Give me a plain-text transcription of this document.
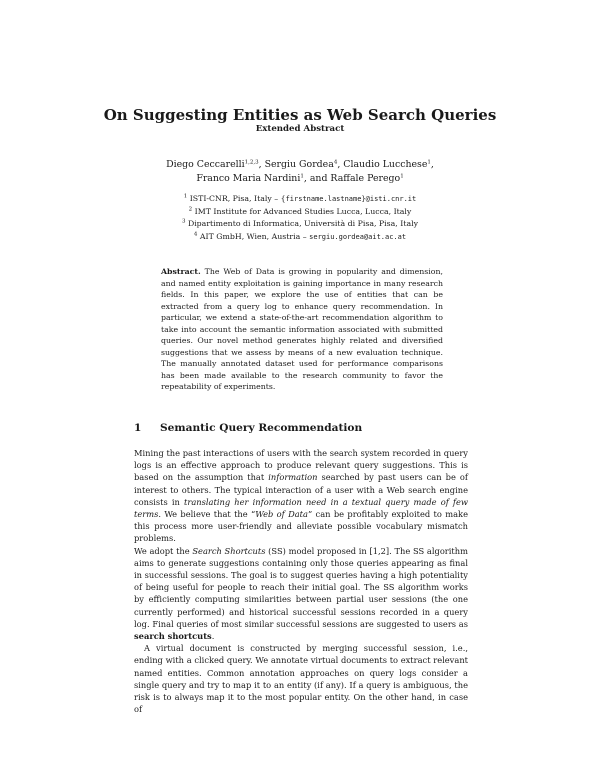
On Suggesting Entities as Web Search Queries
Extended Abstract
Diego Ceccarelli$^{1,2,3}$, Sergiu Gordea$^4$, Claudio Lucchese$^1$,
Franco Maria Nardini$^1$, and Raffale Perego$^1$
$^1$ ISTI-CNR, Pisa, Italy – {firstname.lastname}@isti.cnr.it
$^2$ IMT Institute for Advanced Studies Lucca, Lucca, Italy
$^3$ Dipartimento di Informatica, Università di Pisa, Pisa, Italy
$^4$ AIT GmbH, Wien, Austria – sergiu.gordea@ait.ac.at
Abstract. The Web of Data is growing in popularity and dimension, and named entity exploitation is gaining importance in many research fields. In this paper, we explore the use of entities that can be extracted from a query log to enhance query recommendation. In particular, we extend a state-of-the-art recommendation algorithm to take into account the semantic information associated with submitted queries. Our novel method generates highly related and diversified suggestions that we assess by means of a new evaluation technique. The manually annotated dataset used for performance comparisons has been made available to the research community to favor the repeatability of experiments.
1 Semantic Query Recommendation

Mining the past interactions of users with the search system recorded in query logs is an effective approach to produce relevant query suggestions. This is based on the assumption that information searched by past users can be of interest to others. The typical interaction of a user with a Web search engine consists in translating her information need in a textual query made of few terms. We believe that the “Web of Data” can be profitably exploited to make this process more user-friendly and alleviate possible vocabulary mismatch problems.

We adopt the Search Shortcuts (SS) model proposed in [1,2]. The SS algorithm aims to generate suggestions containing only those queries appearing as final in successful sessions. The goal is to suggest queries having a high potentiality of being useful for people to reach their initial goal. The SS algorithm works by efficiently computing similarities between partial user sessions (the one currently performed) and historical successful sessions recorded in a query log. Final queries of most similar successful sessions are suggested to users as search shortcuts.

A virtual document is constructed by merging successful session, i.e., ending with a clicked query. We annotate virtual documents to extract relevant named entities. Common annotation approaches on query logs consider a single query and try to map it to an entity (if any). If a query is ambiguous, the risk is to always map it to the most popular entity. On the other hand, in case of
